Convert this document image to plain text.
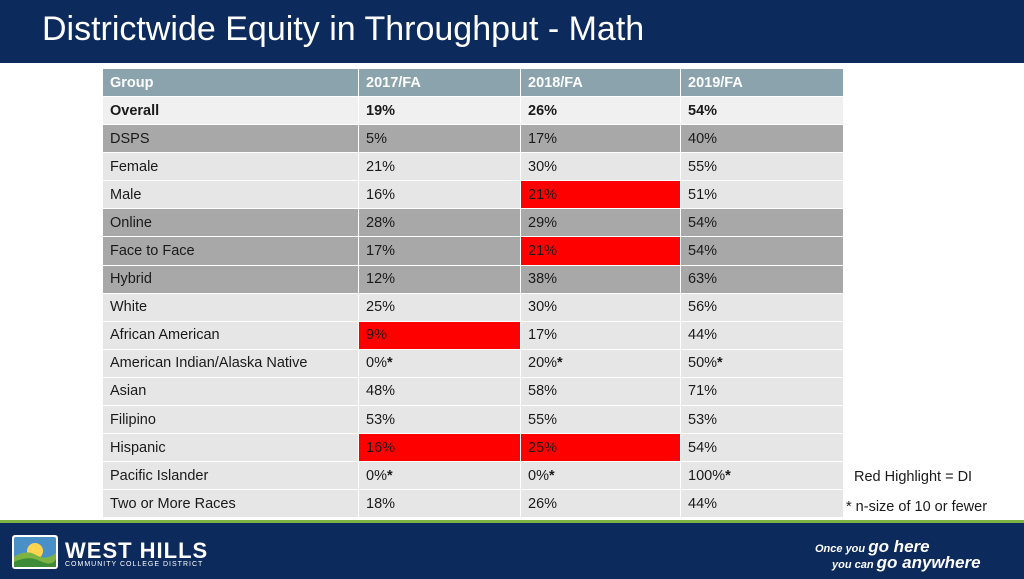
Districtwide Equity in Throughput - Math
Group	2017/FA	2018/FA	2019/FA
Overall	19%	26%	54%
DSPS	5%	17%	40%
Female	21%	30%	55%
Male	16%	21%	51%
Online	28%	29%	54%
Face to Face	17%	21%	54%
Hybrid	12%	38%	63%
White	25%	30%	56%
African American	9%	17%	44%
American Indian/Alaska Native	0%*	20%*	50%*
Asian	48%	58%	71%
Filipino	53%	55%	53%
Hispanic	16%	25%	54%
Pacific Islander	0%*	0%*	100%*
Two or More Races	18%	26%	44%
Red Highlight = DI
* n-size of 10 or fewer
WEST HILLS
COMMUNITY COLLEGE DISTRICT
Once you go here
you can go anywhere
